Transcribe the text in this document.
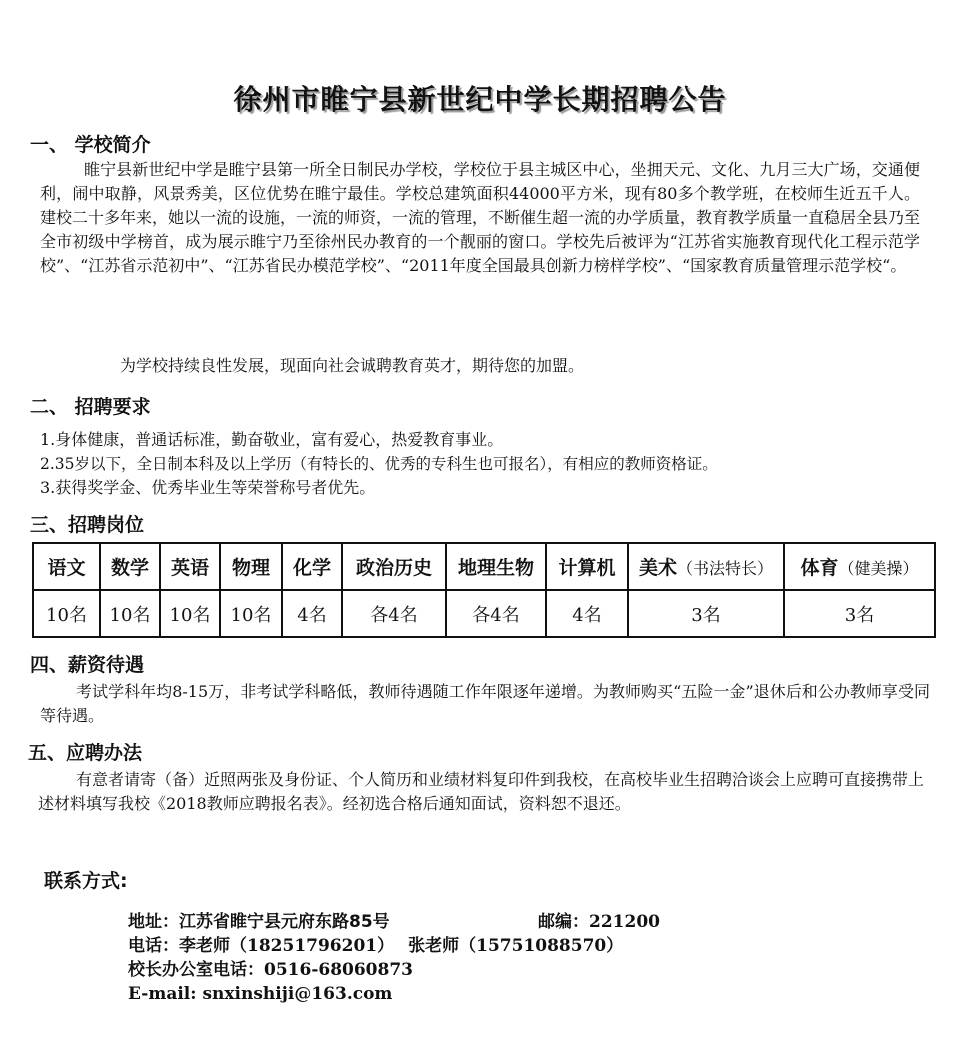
徐州市睢宁县新世纪中学长期招聘公告
一、 学校简介
睢宁县新世纪中学是睢宁县第一所全日制民办学校，学校位于县主城区中心，坐拥天元、文化、九月三大广场，交通便利，闹中取静，风景秀美，区位优势在睢宁最佳。学校总建筑面积44000平方米，现有80多个教学班，在校师生近五千人。建校二十多年来，她以一流的设施，一流的师资，一流的管理，不断催生超一流的办学质量，教育教学质量一直稳居全县乃至全市初级中学榜首，成为展示睢宁乃至徐州民办教育的一个靓丽的窗口。学校先后被评为“江苏省实施教育现代化工程示范学校”、“江苏省示范初中”、“江苏省民办模范学校”、“2011年度全国最具创新力榜样学校”、“国家教育质量管理示范学校“。
为学校持续良性发展，现面向社会诚聘教育英才，期待您的加盟。
二、 招聘要求
1.身体健康，普通话标准，勤奋敬业，富有爱心，热爱教育事业。
2.35岁以下，全日制本科及以上学历（有特长的、优秀的专科生也可报名），有相应的教师资格证。
3.获得奖学金、优秀毕业生等荣誉称号者优先。
三、招聘岗位
语文	数学	英语	物理	化学	政治历史	地理生物	计算机	美术（书法特长）	体育（健美操）
10名	10名	10名	10名	4名	各4名	各4名	4名	3名	3名
四、薪资待遇
考试学科年均8-15万，非考试学科略低，教师待遇随工作年限逐年递增。为教师购买“五险一金”退休后和公办教师享受同等待遇。
五、应聘办法
有意者请寄（备）近照两张及身份证、个人简历和业绩材料复印件到我校，在高校毕业生招聘洽谈会上应聘可直接携带上述材料填写我校《2018教师应聘报名表》。经初选合格后通知面试，资料恕不退还。
联系方式:
地址：江苏省睢宁县元府东路85号	邮编：221200
电话：李老师（18251796201） 张老师（15751088570）
校长办公室电话：0516-68060873
E-mail: snxinshiji@163.com
